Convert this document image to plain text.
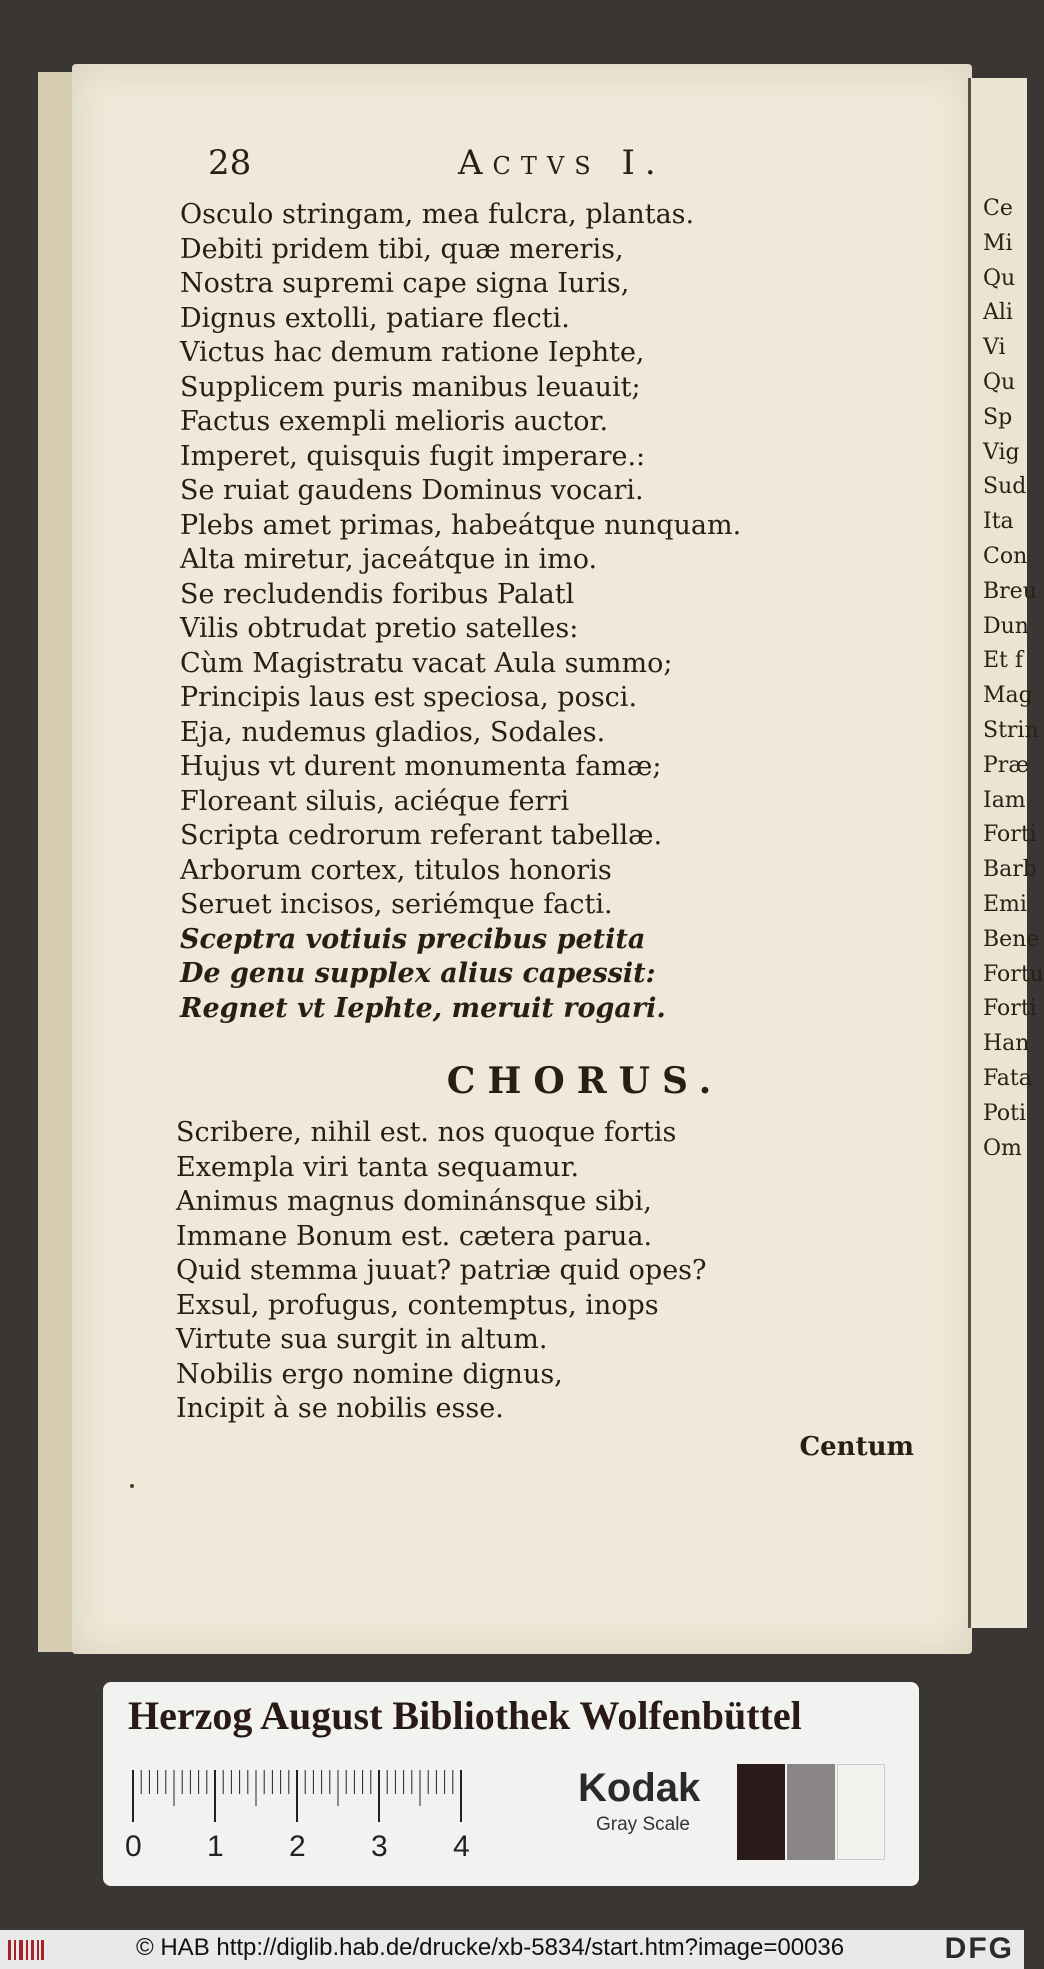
Ce
Mi
Qu
Ali
Vi
Qu
Sp
Vig
Sud
Ita
Con
Breu
Dun
Et f
Mag
Strin
Præ
Iam
Forti
Barb
Emi
Bene
Fortu
Forti
Han
Fata
Poti
Om
28	Actvs I.
Osculo stringam, mea fulcra, plantas.
Debiti pridem tibi, quæ mereris,
Nostra supremi cape signa Iuris,
Dignus extolli, patiare flecti.
Victus hac demum ratione Iephte,
Supplicem puris manibus leuauit;
Factus exempli melioris auctor.
Imperet, quisquis fugit imperare.:
Se ruiat gaudens Dominus vocari.
Plebs amet primas, habeátque nunquam.
Alta miretur, jaceátque in imo.
Se recludendis foribus Palatl
Vilis obtrudat pretio satelles:
Cùm Magistratu vacat Aula summo;
Principis laus est speciosa, posci.
Eja, nudemus gladios, Sodales.
Hujus vt durent monumenta famæ;
Floreant siluis, aciéque ferri
Scripta cedrorum referant tabellæ.
Arborum cortex, titulos honoris
Seruet incisos, seriémque facti.
Sceptra votiuis precibus petita
De genu supplex alius capessit:
Regnet vt Iephte, meruit rogari.
CHORUS.
Scribere, nihil est. nos quoque fortis
Exempla viri tanta sequamur.
Animus magnus dominánsque sibi,
Immane Bonum est. cætera parua.
Quid stemma juuat? patriæ quid opes?
Exsul, profugus, contemptus, inops
Virtute sua surgit in altum.
Nobilis ergo nomine dignus,
Incipit à se nobilis esse.
Centum
Herzog August Bibliothek Wolfenbüttel
0 1 2 3 4
Kodak
Gray Scale
© HAB http://diglib.hab.de/drucke/xb-5834/start.htm?image=00036	DFG
